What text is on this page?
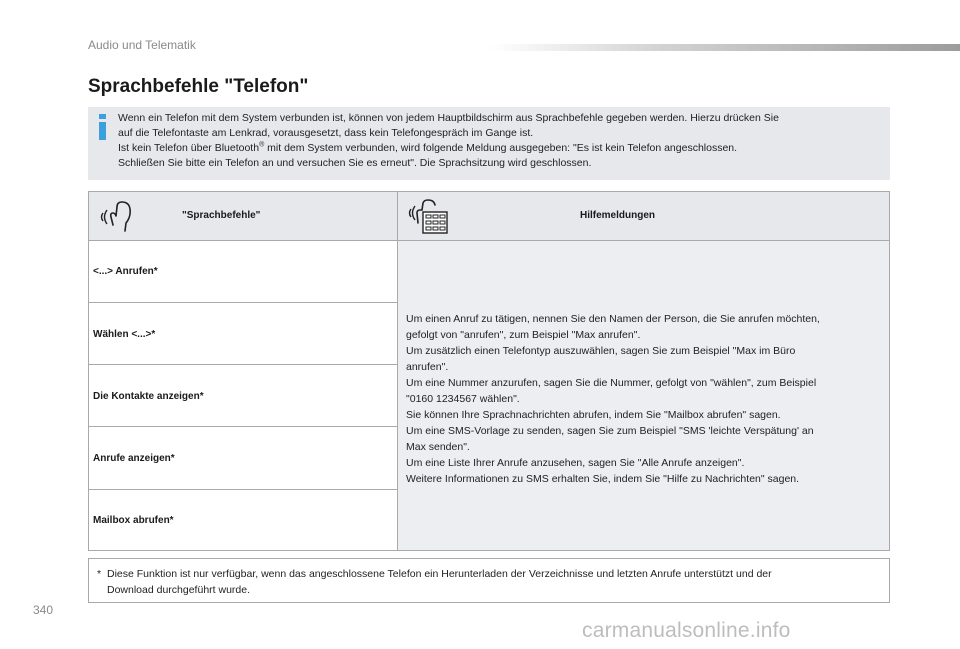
Audio und Telematik
Sprachbefehle "Telefon"

Wenn ein Telefon mit dem System verbunden ist, können von jedem Hauptbildschirm aus Sprachbefehle gegeben werden. Hierzu drücken Sie

auf die Telefontaste am Lenkrad, vorausgesetzt, dass kein Telefongespräch im Gange ist.

Ist kein Telefon über Bluetooth® mit dem System verbunden, wird folgende Meldung ausgegeben: "Es ist kein Telefon angeschlossen.

Schließen Sie bitte ein Telefon an und versuchen Sie es erneut". Die Sprachsitzung wird geschlossen.

"Sprachbefehle"	Hilfemeldungen
<...> Anrufen*
Wählen <...>*
Die Kontakte anzeigen*
Anrufe anzeigen*
Mailbox abrufen*

Um einen Anruf zu tätigen, nennen Sie den Namen der Person, die Sie anrufen möchten,

gefolgt von "anrufen", zum Beispiel "Max anrufen".

Um zusätzlich einen Telefontyp auszuwählen, sagen Sie zum Beispiel "Max im Büro

anrufen".

Um eine Nummer anzurufen, sagen Sie die Nummer, gefolgt von "wählen", zum Beispiel

"0160 1234567 wählen".

Sie können Ihre Sprachnachrichten abrufen, indem Sie "Mailbox abrufen" sagen.

Um eine SMS-Vorlage zu senden, sagen Sie zum Beispiel "SMS 'leichte Verspätung' an

Max senden".

Um eine Liste Ihrer Anrufe anzusehen, sagen Sie "Alle Anrufe anzeigen".

Weitere Informationen zu SMS erhalten Sie, indem Sie "Hilfe zu Nachrichten" sagen.

* Diese Funktion ist nur verfügbar, wenn das angeschlossene Telefon ein Herunterladen der Verzeichnisse und letzten Anrufe unterstützt und der
Download durchgeführt wurde.
340
carmanualsonline.info
